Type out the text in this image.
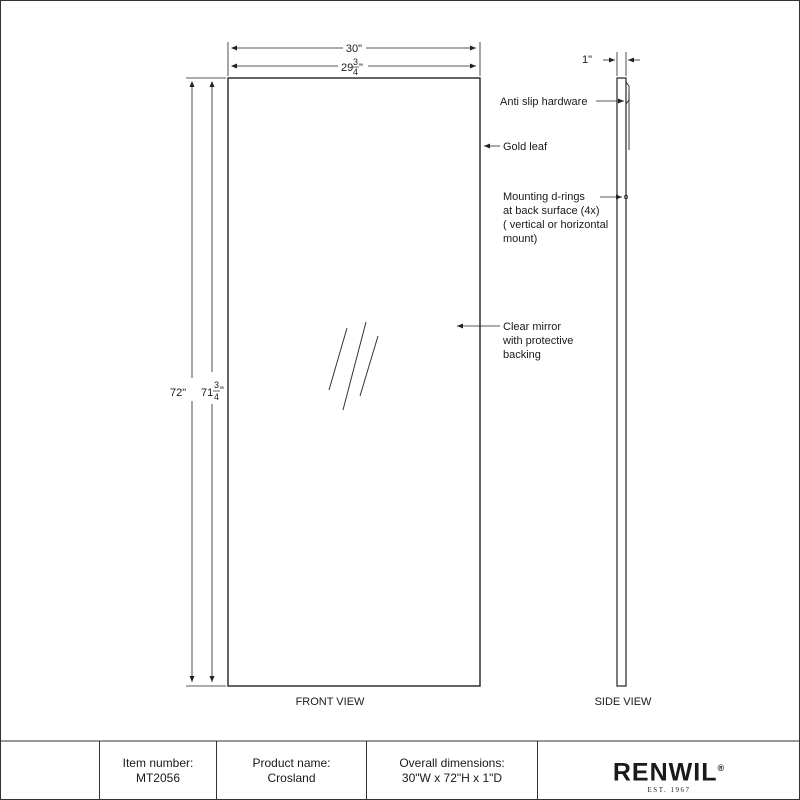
30"
29 3
4 "
72" 71
3
4 "
FRONT VIEW
1"
SIDE VIEW
Anti slip hardware
Gold leaf
Mounting d-rings
at back surface (4x)
( vertical or horizontal
mount)
Clear mirror
with protective
backing
Item number:
MT2056
Product name:
Crosland
Overall dimensions:
30"W x 72"H x 1"D	RENWIL®
EST. 1967
